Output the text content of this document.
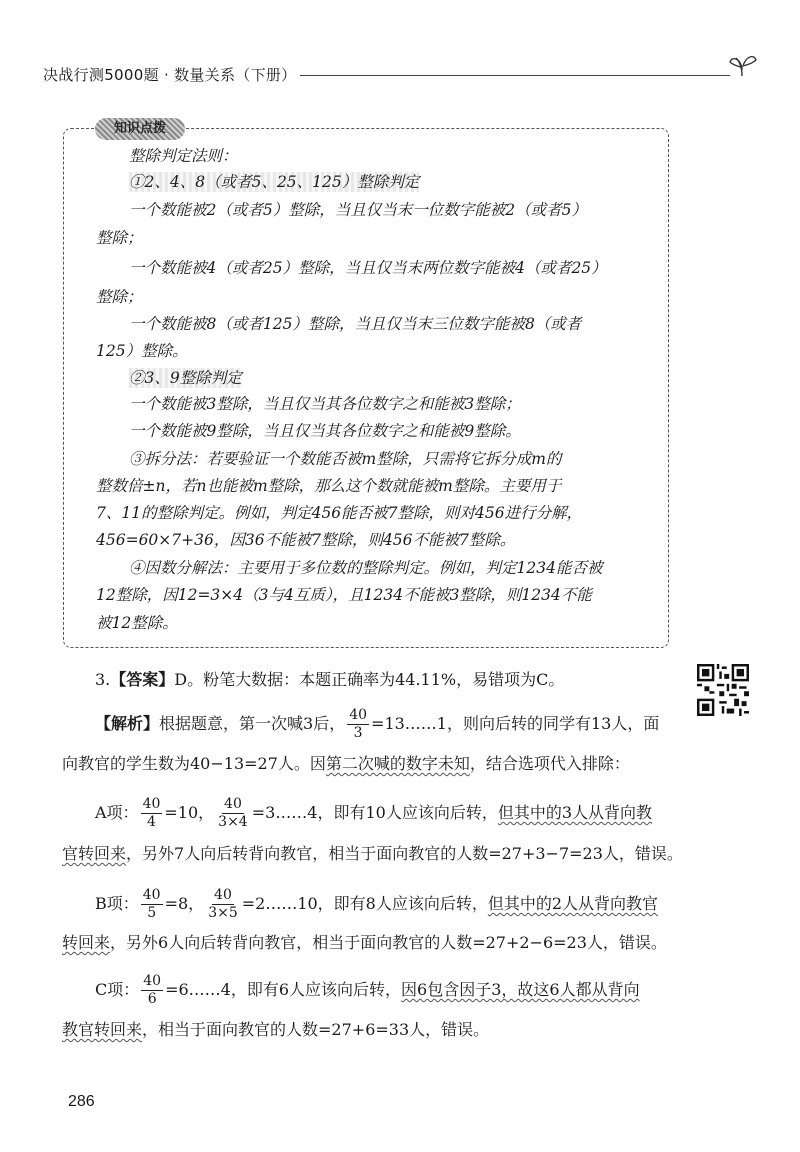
决战行测5000题 · 数量关系（下册）
知识点拨
整除判定法则：
①2、4、8（或者5、25、125）整除判定
一个数能被2（或者5）整除，当且仅当末一位数字能被2（或者5）
整除；
一个数能被4（或者25）整除，当且仅当末两位数字能被4（或者25）
整除；
一个数能被8（或者125）整除，当且仅当末三位数字能被8（或者
125）整除。
②3、9整除判定
一个数能被3整除，当且仅当其各位数字之和能被3整除；
一个数能被9整除，当且仅当其各位数字之和能被9整除。
③拆分法：若要验证一个数能否被m整除，只需将它拆分成m的
整数倍±n，若n也能被m整除，那么这个数就能被m整除。主要用于
7、11的整除判定。例如，判定456能否被7整除，则对456进行分解，
456=60×7+36，因36不能被7整除，则456不能被7整除。
④因数分解法：主要用于多位数的整除判定。例如，判定1234能否被
12整除，因12=3×4（3与4互质），且1234不能被3整除，则1234不能
被12整除。
3.【答案】D。粉笔大数据：本题正确率为44.11%，易错项为C。
【解析】根据题意，第一次喊3后， $\frac{40}{3}$ =13……1，则向后转的同学有13人，面
向教官的学生数为40−13=27人。因第二次喊的数字未知，结合选项代入排除：
A项： $\frac{40}{4} =10$， $\frac{40}{3\times 4}$ =3……4，即有10人应该向后转，但其中的3人从背向教
官转回来，另外7人向后转背向教官，相当于面向教官的人数=27+3−7=23人，错误。
B项： $\frac{40}{5} =8$， $\frac{40}{3\times 5}$ =2……10，即有8人应该向后转，但其中的2人从背向教官
转回来，另外6人向后转背向教官，相当于面向教官的人数=27+2−6=23人，错误。
C项： $\frac{40}{6}$ =6……4，即有6人应该向后转，因6包含因子3，故这6人都从背向
教官转回来，相当于面向教官的人数=27+6=33人，错误。
286
